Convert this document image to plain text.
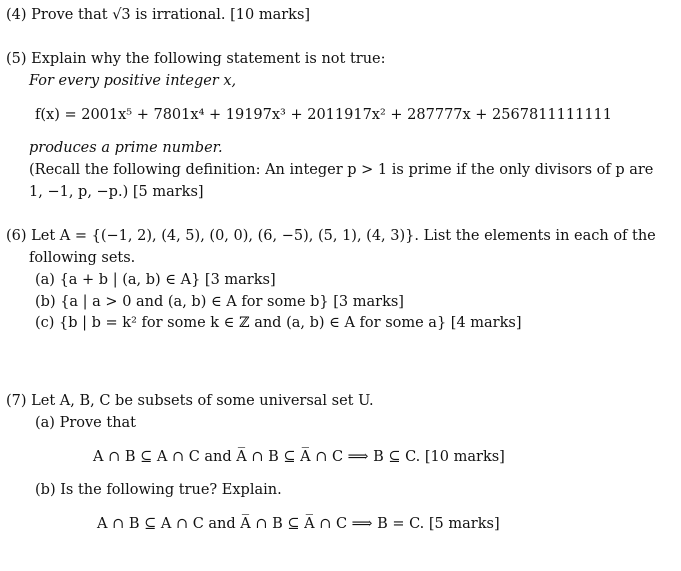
(4) Prove that √3 is irrational. [10 marks]
(5) Explain why the following statement is not true:
For every positive integer x,
f(x) = 2001x⁵ + 7801x⁴ + 19197x³ + 2011917x² + 287777x + 2567811111111
produces a prime number.
(Recall the following definition: An integer p > 1 is prime if the only divisors of p are
1, −1, p, −p.) [5 marks]
(6) Let A = {(−1, 2), (4, 5), (0, 0), (6, −5), (5, 1), (4, 3)}. List the elements in each of the
following sets.
(a) {a + b | (a, b) ∈ A} [3 marks]
(b) {a | a > 0 and (a, b) ∈ A for some b} [3 marks]
(c) {b | b = k² for some k ∈ ℤ and (a, b) ∈ A for some a} [4 marks]
(7) Let A, B, C be subsets of some universal set U.
(a) Prove that
A ∩ B ⊆ A ∩ C and A̅ ∩ B ⊆ A̅ ∩ C ⟹ B ⊆ C. [10 marks]
(b) Is the following true? Explain.
A ∩ B ⊆ A ∩ C and A̅ ∩ B ⊆ A̅ ∩ C ⟹ B = C. [5 marks]
